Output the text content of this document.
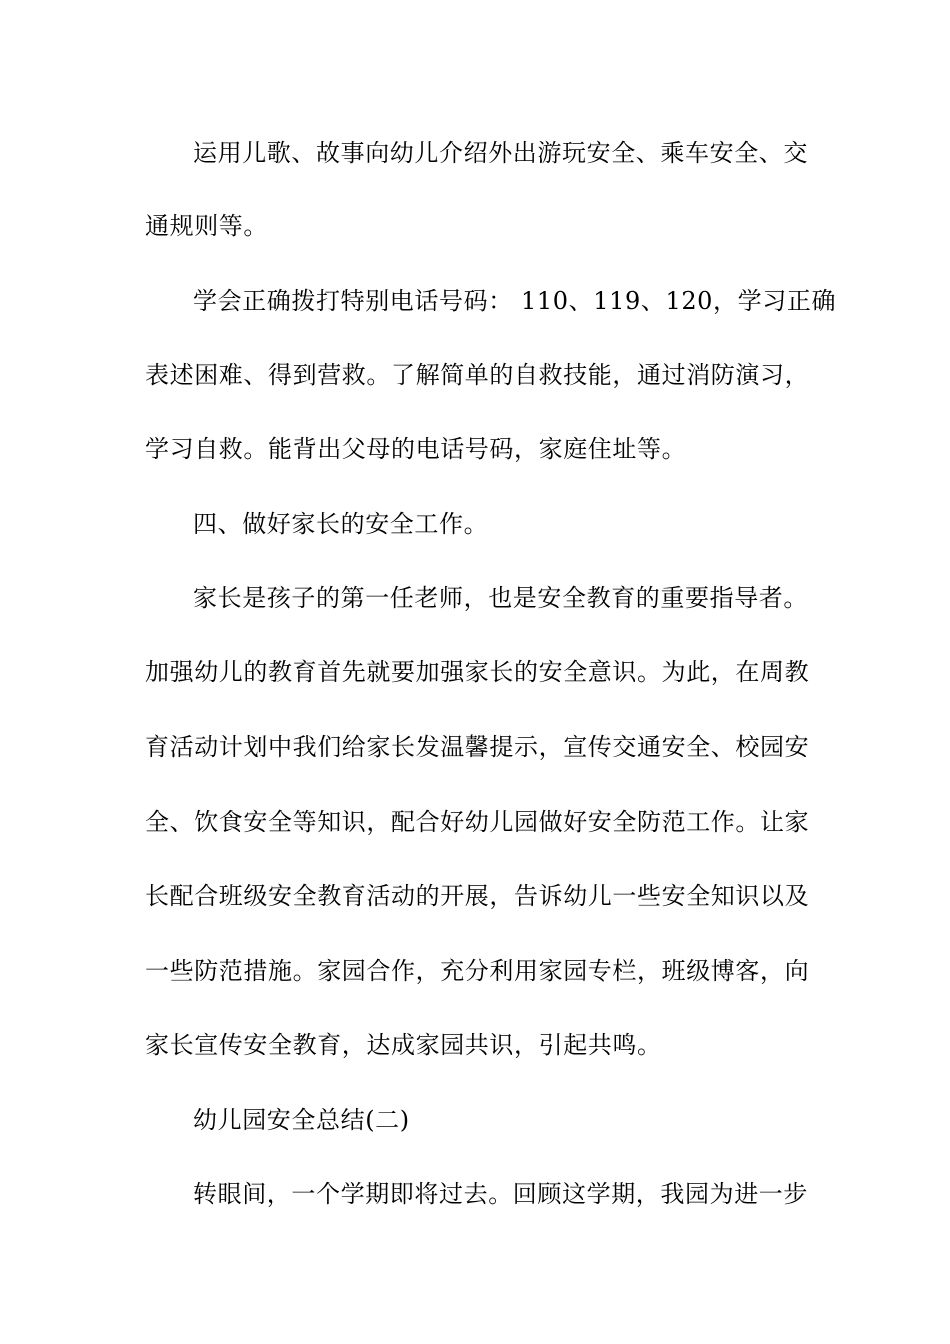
运用儿歌、故事向幼儿介绍外出游玩安全、乘车安全、交
通规则等。
学会正确拨打特别电话号码： 110、119、120，学习正确
表述困难、得到营救。了解简单的自救技能，通过消防演习，
学习自救。能背出父母的电话号码，家庭住址等。
四、做好家长的安全工作。
家长是孩子的第一任老师，也是安全教育的重要指导者。
加强幼儿的教育首先就要加强家长的安全意识。为此，在周教
育活动计划中我们给家长发温馨提示，宣传交通安全、校园安
全、饮食安全等知识，配合好幼儿园做好安全防范工作。让家
长配合班级安全教育活动的开展，告诉幼儿一些安全知识以及
一些防范措施。家园合作，充分利用家园专栏，班级博客，向
家长宣传安全教育，达成家园共识，引起共鸣。
幼儿园安全总结(二)
转眼间，一个学期即将过去。回顾这学期，我园为进一步
